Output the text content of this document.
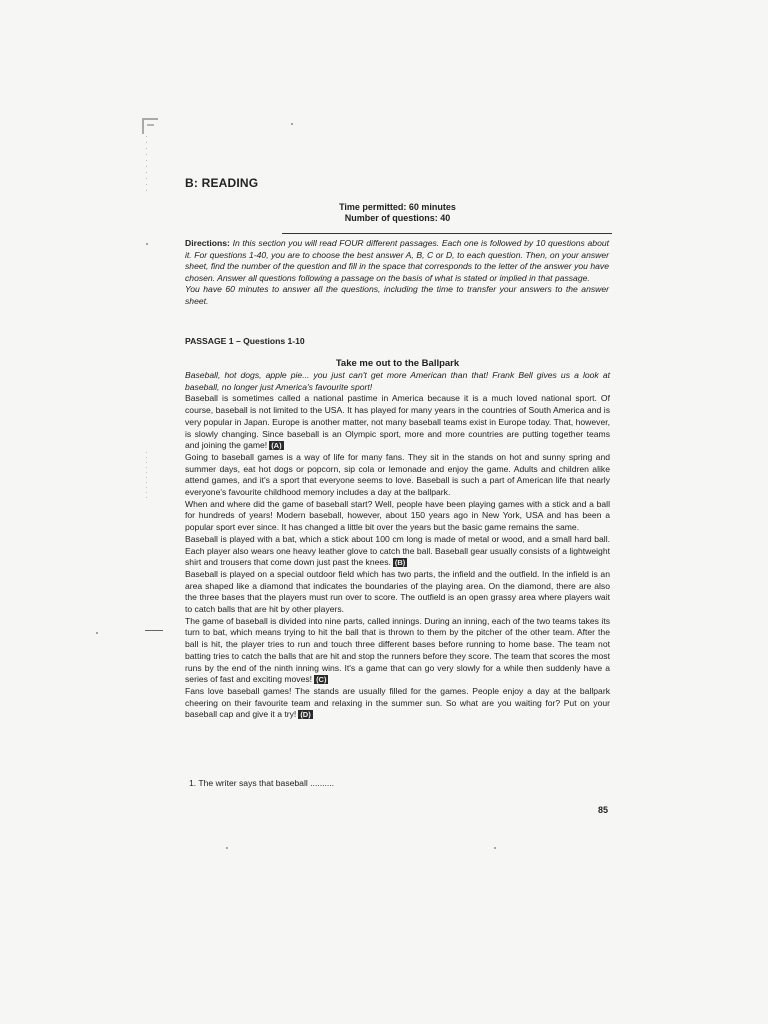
B: READING
Time permitted: 60 minutes
Number of questions: 40
Directions: In this section you will read FOUR different passages. Each one is followed by 10 questions about it. For questions 1-40, you are to choose the best answer A, B, C or D, to each question. Then, on your answer sheet, find the number of the question and fill in the space that corresponds to the letter of the answer you have chosen. Answer all questions following a passage on the basis of what is stated or implied in that passage.
You have 60 minutes to answer all the questions, including the time to transfer your answers to the answer sheet.
PASSAGE 1 – Questions 1-10
Take me out to the Ballpark

Baseball, hot dogs, apple pie... you just can't get more American than that! Frank Bell gives us a look at baseball, no longer just America's favourite sport!

Baseball is sometimes called a national pastime in America because it is a much loved national sport. Of course, baseball is not limited to the USA. It has played for many years in the countries of South America and is very popular in Japan. Europe is another matter, not many baseball teams exist in Europe today. That, however, is slowly changing. Since baseball is an Olympic sport, more and more countries are putting together teams and joining the game! (A)

Going to baseball games is a way of life for many fans. They sit in the stands on hot and sunny spring and summer days, eat hot dogs or popcorn, sip cola or lemonade and enjoy the game. Adults and children alike attend games, and it's a sport that everyone seems to love. Baseball is such a part of American life that nearly everyone's favourite childhood memory includes a day at the ballpark.

When and where did the game of baseball start? Well, people have been playing games with a stick and a ball for hundreds of years! Modern baseball, however, about 150 years ago in New York, USA and has been a popular sport ever since. It has changed a little bit over the years but the basic game remains the same.

Baseball is played with a bat, which a stick about 100 cm long is made of metal or wood, and a small hard ball. Each player also wears one heavy leather glove to catch the ball. Baseball gear usually consists of a lightweight shirt and trousers that come down just past the knees. (B)

Baseball is played on a special outdoor field which has two parts, the infield and the outfield. In the infield is an area shaped like a diamond that indicates the boundaries of the playing area. On the diamond, there are also the three bases that the players must run over to score. The outfield is an open grassy area where players wait to catch balls that are hit by other players.

The game of baseball is divided into nine parts, called innings. During an inning, each of the two teams takes its turn to bat, which means trying to hit the ball that is thrown to them by the pitcher of the other team. After the ball is hit, the player tries to run and touch three different bases before running to home base. The team not batting tries to catch the balls that are hit and stop the runners before they score. The team that scores the most runs by the end of the ninth inning wins. It's a game that can go very slowly for a while then suddenly have a series of fast and exciting moves! (C)

Fans love baseball games! The stands are usually filled for the games. People enjoy a day at the ballpark cheering on their favourite team and relaxing in the summer sun. So what are you waiting for? Put on your baseball cap and give it a try! (D)

1. The writer says that baseball ..........
85
